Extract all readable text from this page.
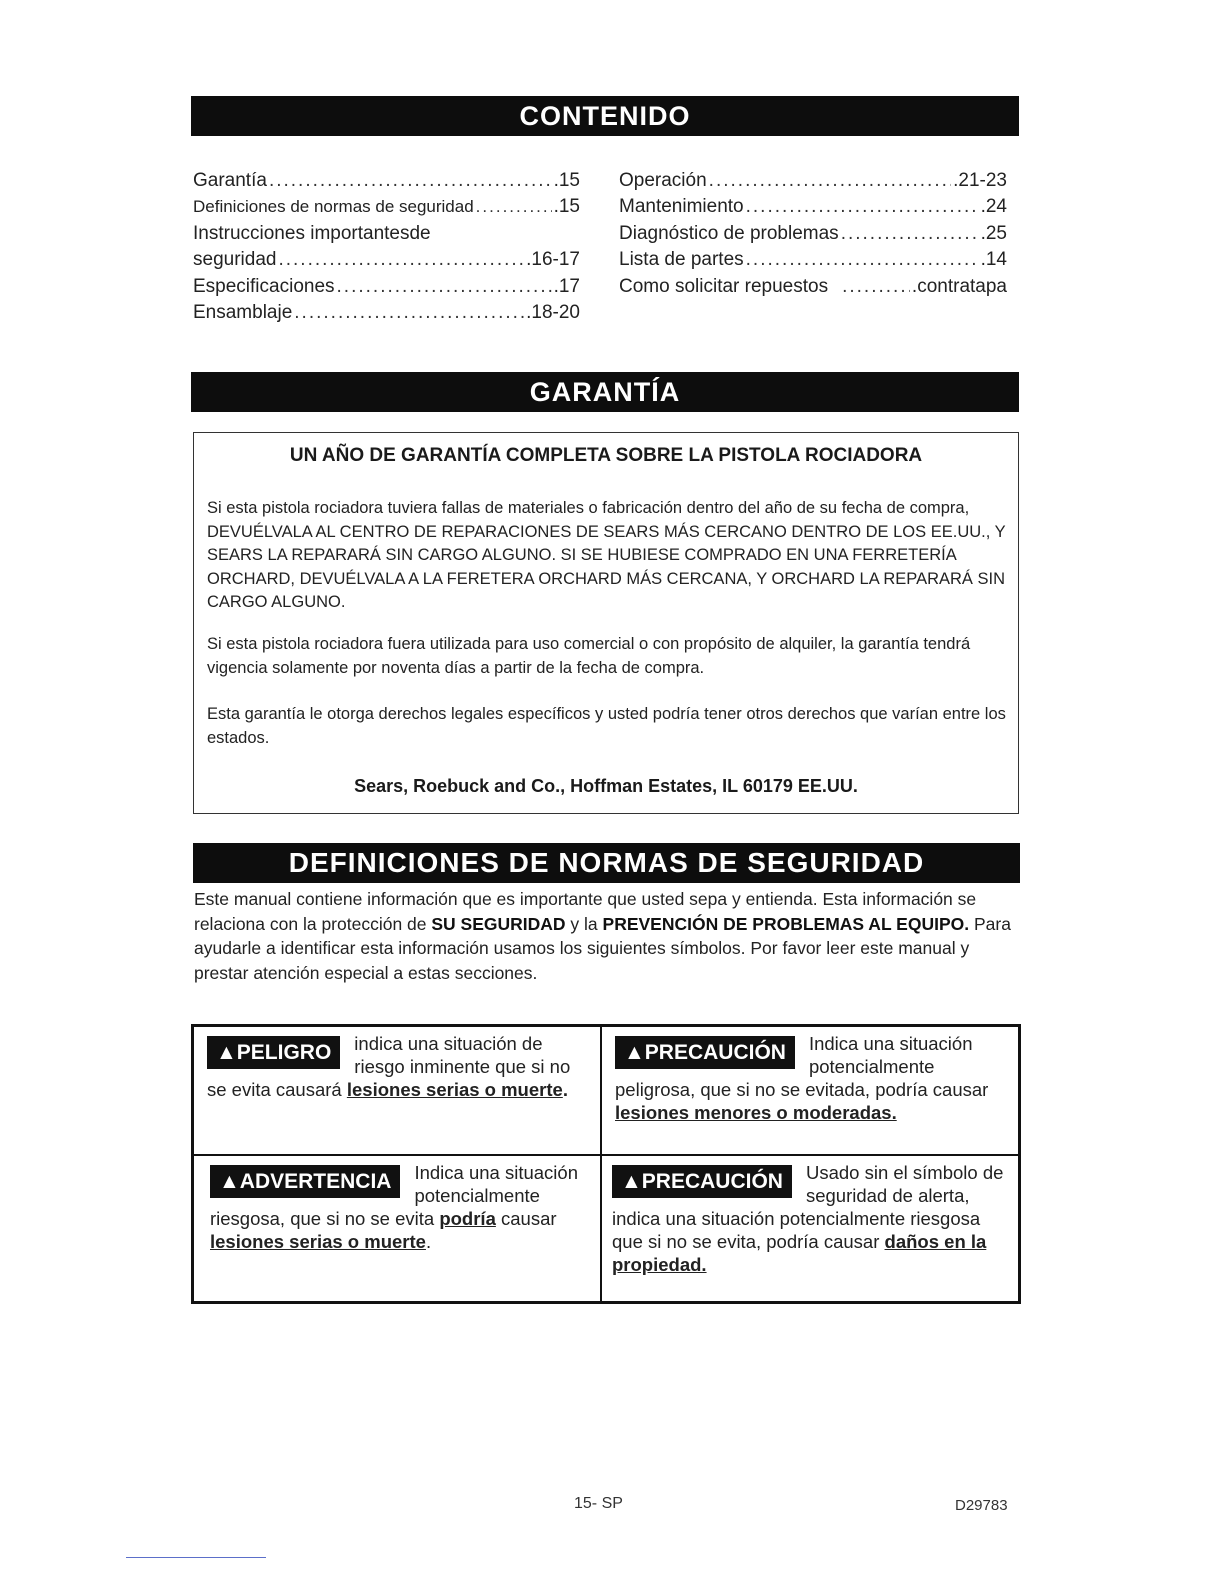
CONTENIDO
Garantía .....	.15
Definiciones de normas de seguridad .....	.15
Instrucciones importantesde
seguridad .....	.16-17
Especificaciones .....	.17
Ensamblaje .....	.18-20
Operación .....	.21-23
Mantenimiento .....	.24
Diagnóstico de problemas .....	.25
Lista de partes .....	.14
Como solicitar repuestos .....	.contratapa
GARANTÍA
UN AÑO DE GARANTÍA COMPLETA SOBRE LA PISTOLA ROCIADORA
Si esta pistola rociadora tuviera fallas de materiales o fabricación dentro del año de su fecha de compra, DEVUÉLVALA AL CENTRO DE REPARACIONES DE SEARS MÁS CERCANO DENTRO DE LOS EE.UU., Y SEARS LA REPARARÁ SIN CARGO ALGUNO. SI SE HUBIESE COMPRADO EN UNA FERRETERÍA ORCHARD, DEVUÉLVALA A LA FERETERA ORCHARD MÁS CERCANA, Y ORCHARD LA REPARARÁ SIN CARGO ALGUNO.
Si esta pistola rociadora fuera utilizada para uso comercial o con propósito de alquiler, la garantía tendrá vigencia solamente por noventa días a partir de la fecha de compra.
Esta garantía le otorga derechos legales específicos y usted podría tener otros derechos que varían entre los estados.
Sears, Roebuck and Co., Hoffman Estates, IL 60179 EE.UU.
DEFINICIONES DE NORMAS DE SEGURIDAD
Este manual contiene información que es importante que usted sepa y entienda. Esta información se relaciona con la protección de SU SEGURIDAD y la PREVENCIÓN DE PROBLEMAS AL EQUIPO. Para ayudarle a identificar esta información usamos los siguientes símbolos. Por favor leer este manual y prestar atención especial a estas secciones.
▲PELIGRO	indica una situación de riesgo inminente que si no se evita causará lesiones serias o muerte.
▲PRECAUCIÓN	Indica una situación potencialmente peligrosa, que si no se evitada, podría causar lesiones menores o moderadas.
▲ADVERTENCIA	Indica una situación potencialmente riesgosa, que si no se evita podría causar lesiones serias o muerte.
▲PRECAUCIÓN	Usado sin el símbolo de seguridad de alerta, indica una situación potencialmente riesgosa que si no se evita, podría causar daños en la propiedad.
15- SP	D29783
